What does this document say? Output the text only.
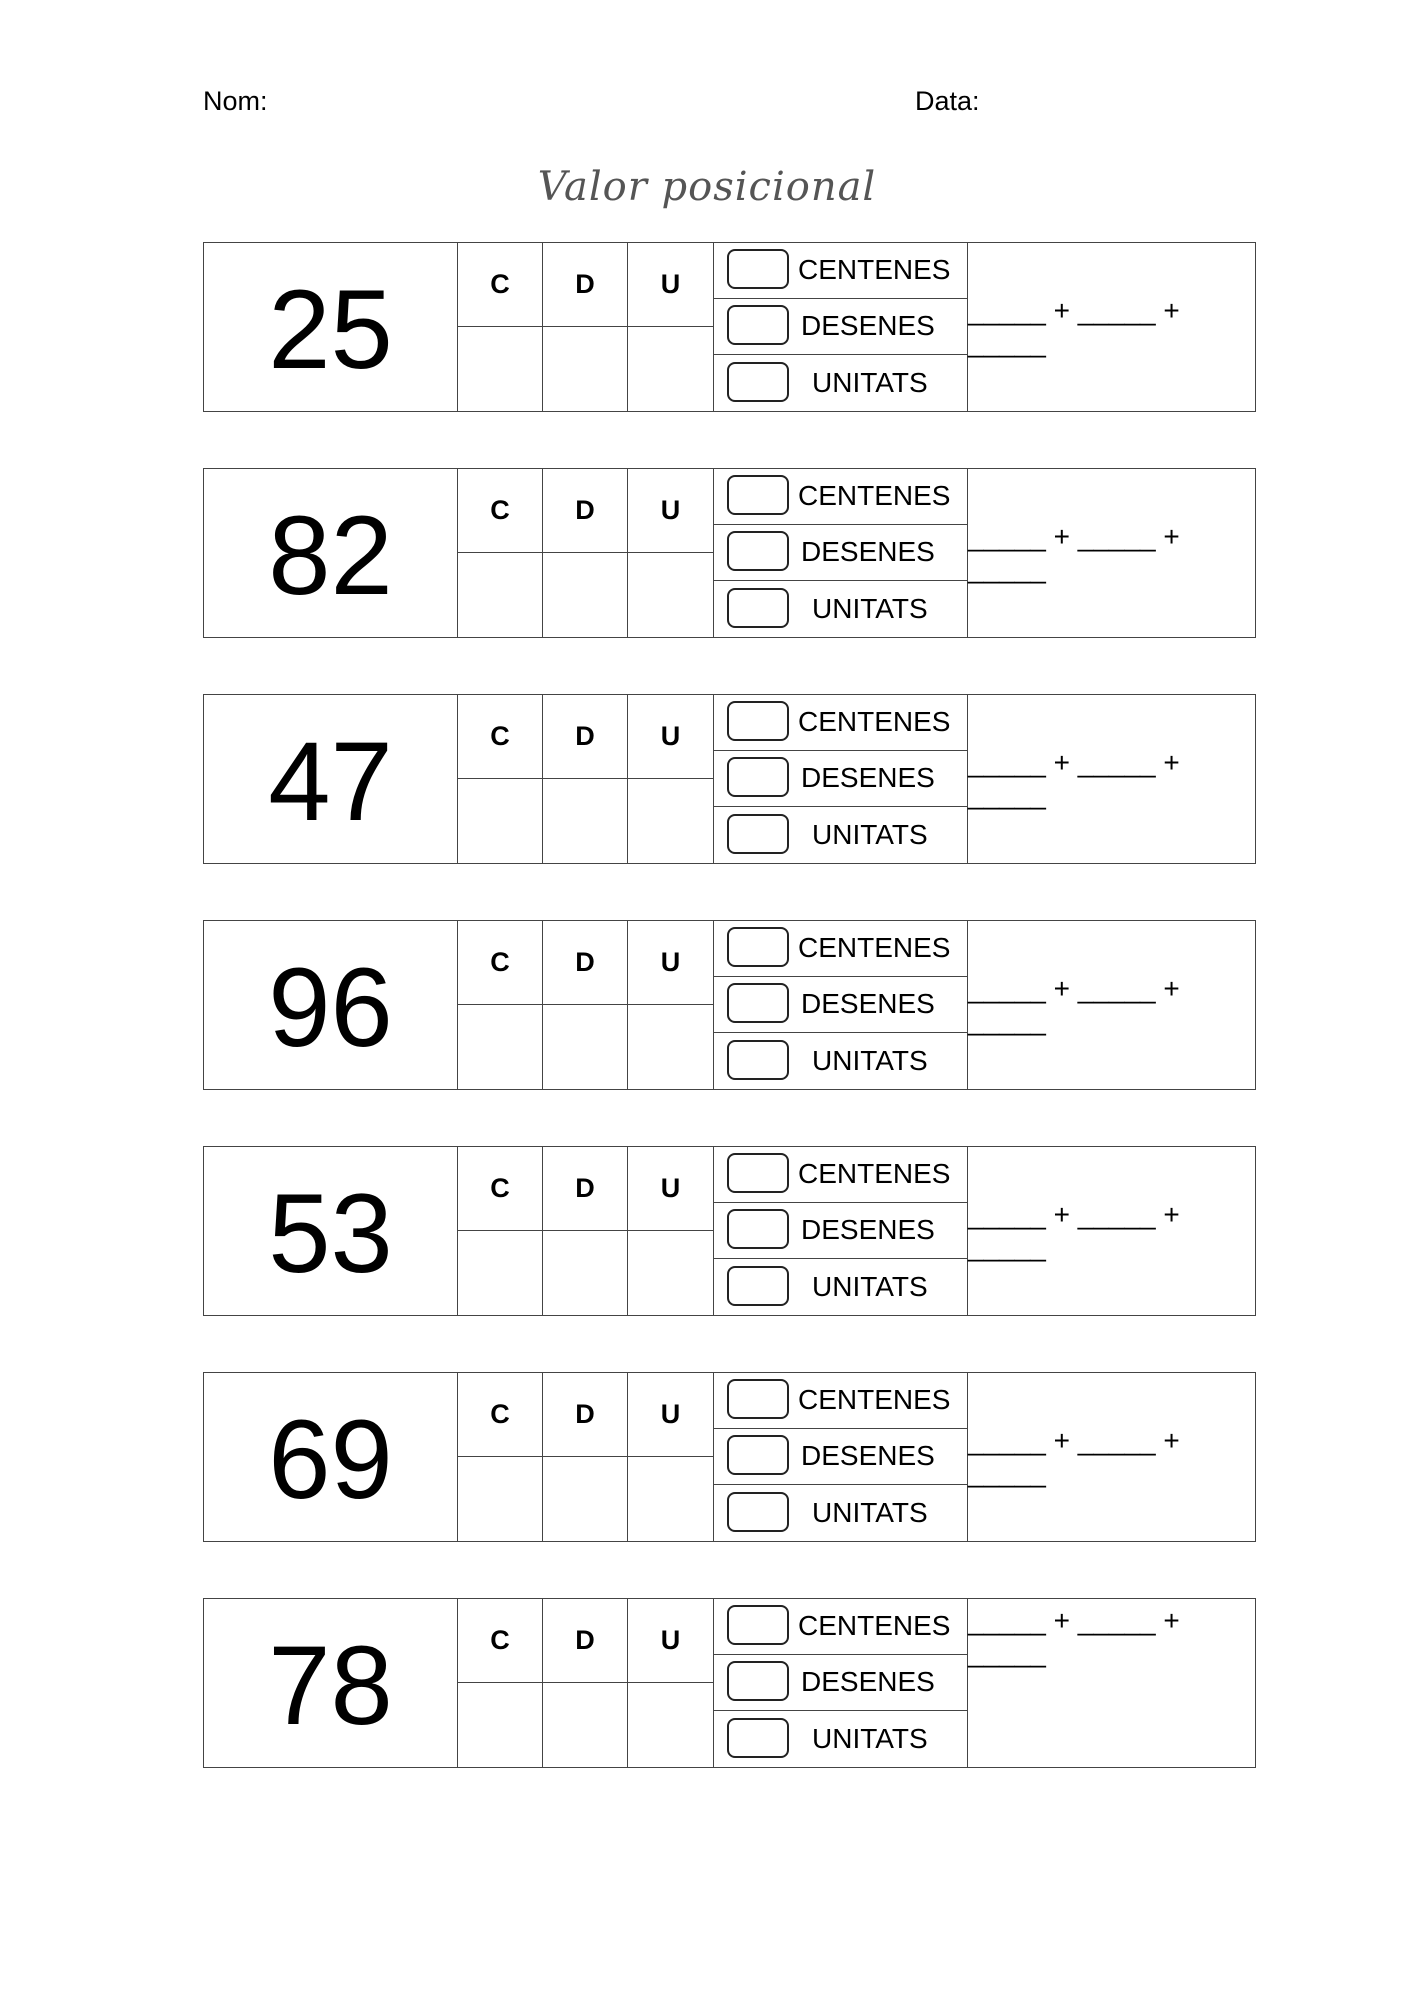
Nom:	Data:
Valor posicional
25	C	D	U	CENTENES
DESENES
UNITATS
_____ + _____ + _____
82	C	D	U	CENTENES
DESENES
UNITATS
_____ + _____ + _____
47	C	D	U	CENTENES
DESENES
UNITATS
_____ + _____ + _____
96	C	D	U	CENTENES
DESENES
UNITATS
_____ + _____ + _____
53	C	D	U	CENTENES
DESENES
UNITATS
_____ + _____ + _____
69	C	D	U	CENTENES
DESENES
UNITATS
_____ + _____ + _____
78	C	D	U	CENTENES
DESENES
UNITATS
_____ + _____ + _____
